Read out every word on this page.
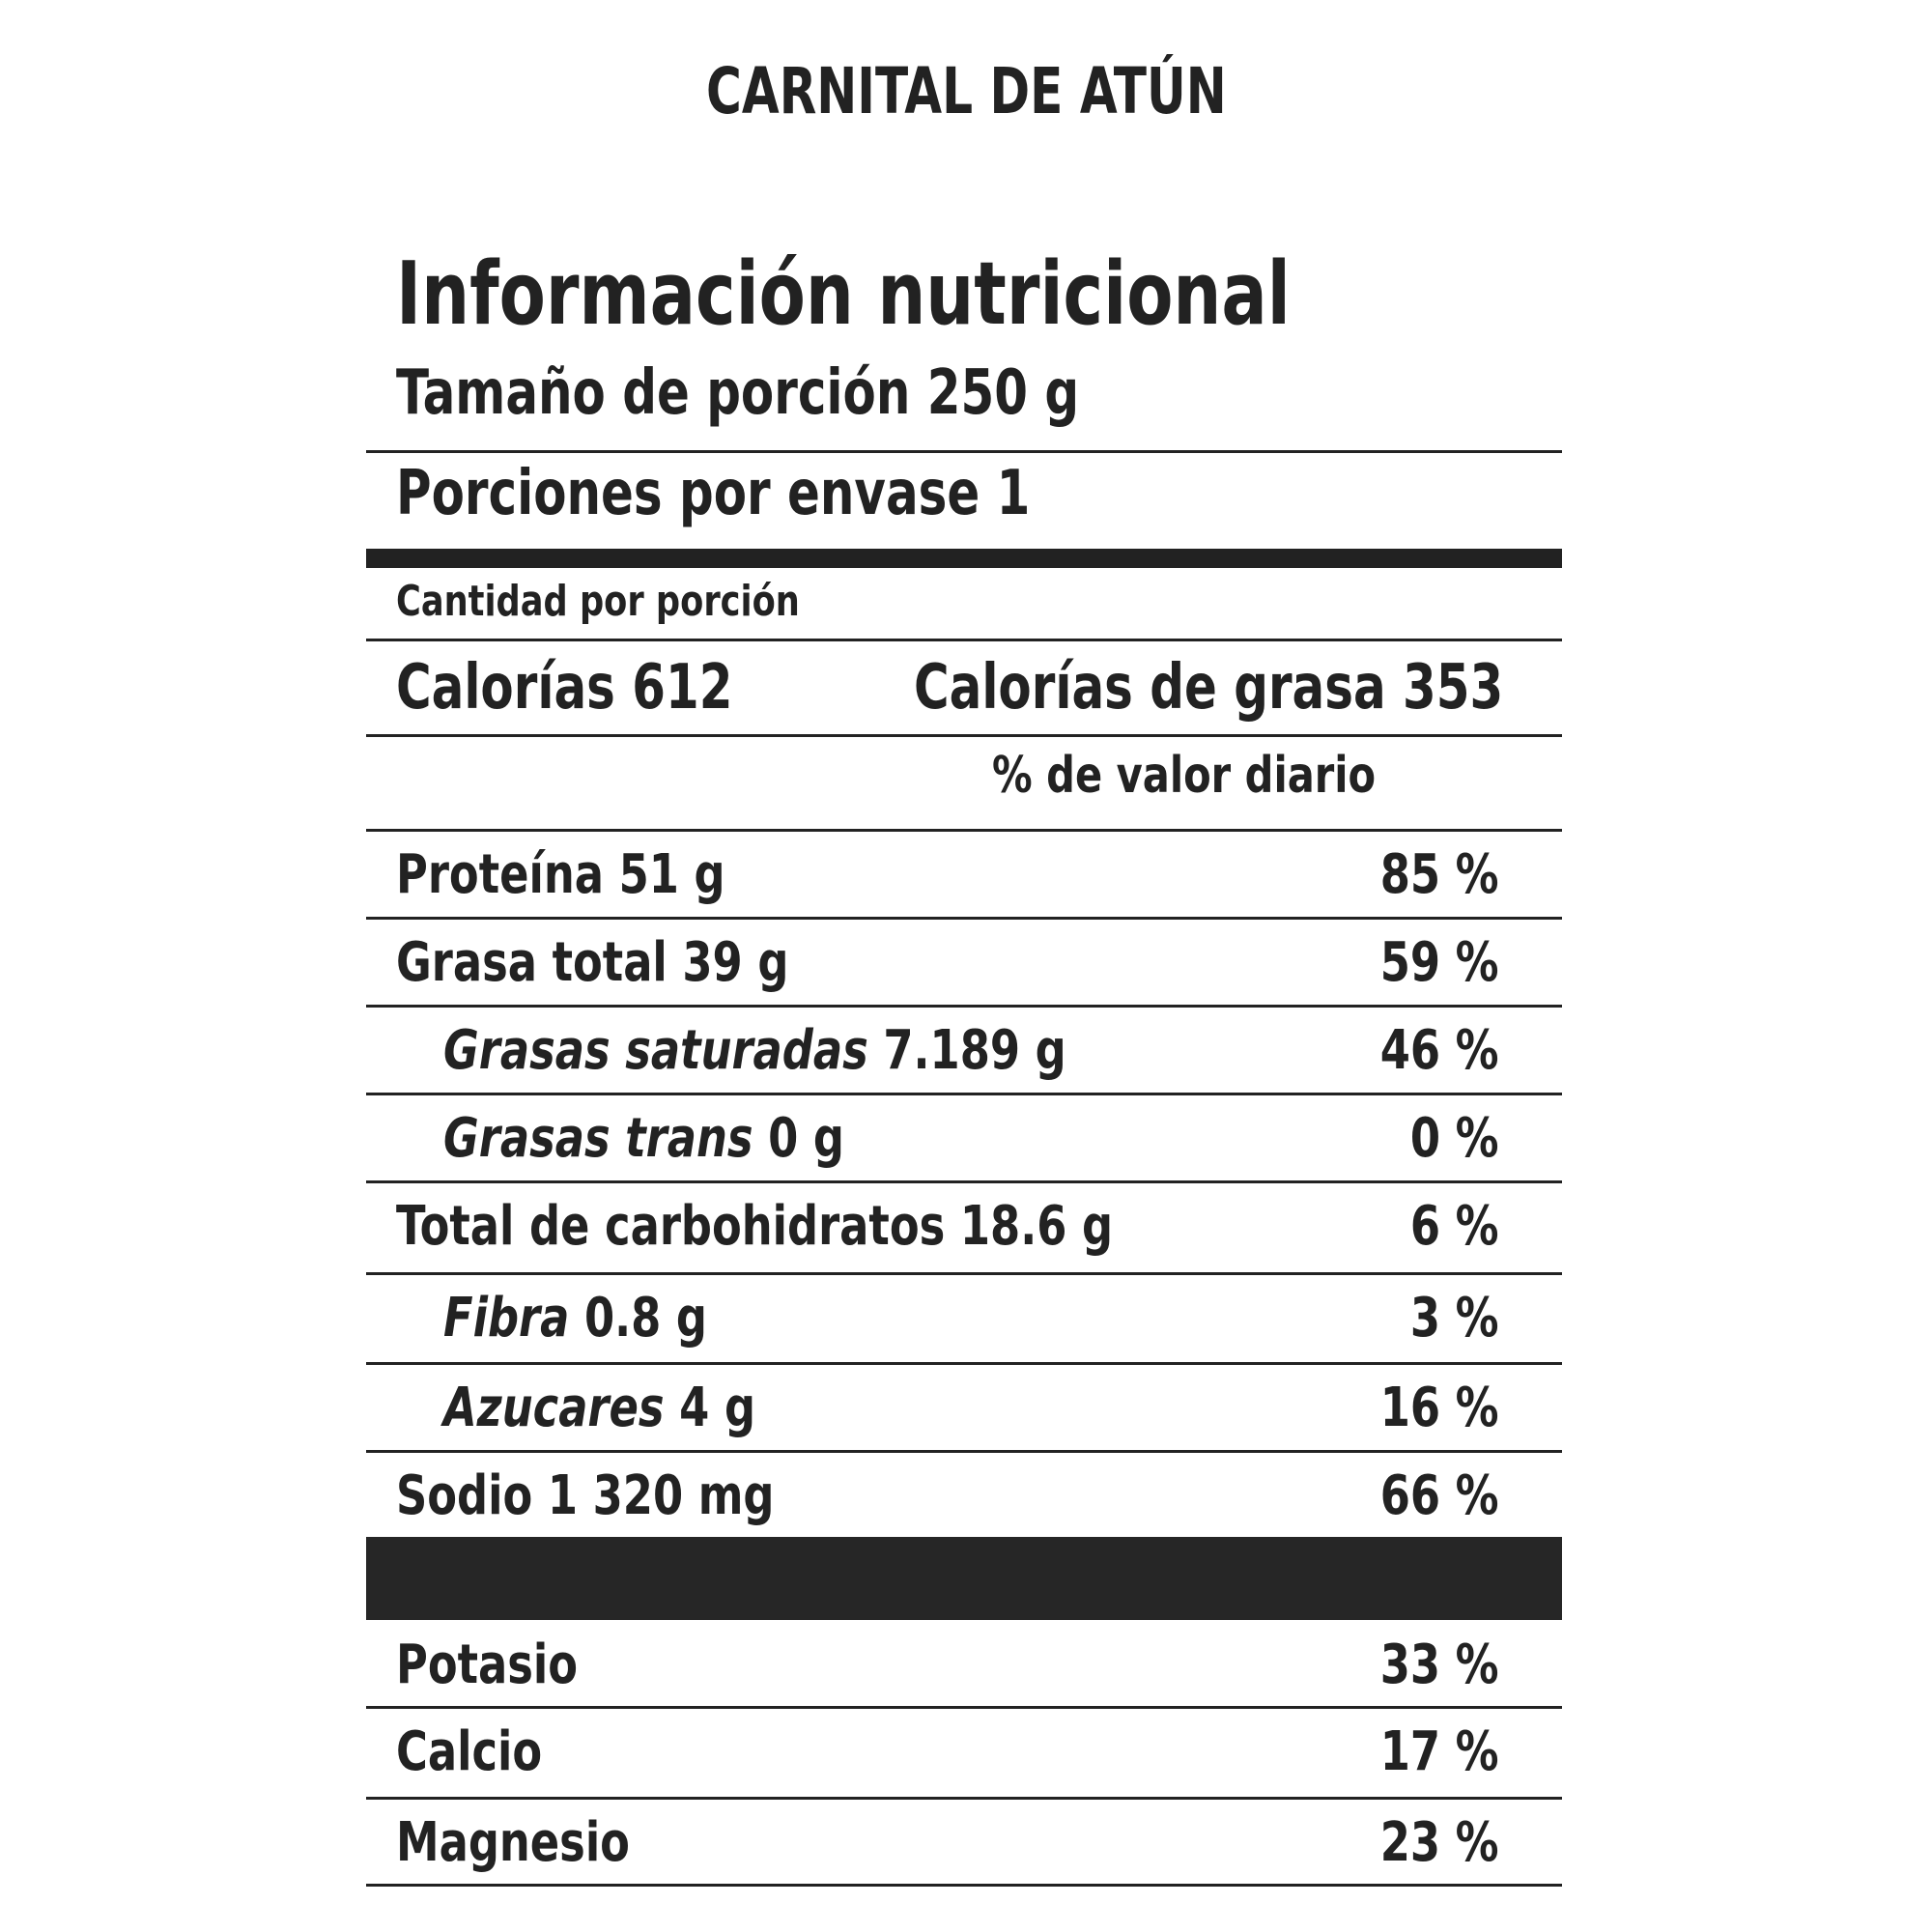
CARNITAL DE ATÚN
Información nutricional
Tamaño de porción 250 g
Porciones por envase 1
Cantidad por porción
Calorías 612	Calorías de grasa 353
% de valor diario
Proteína 51 g	85 %
Grasa total 39 g	59 %
Grasas saturadas 7.189 g	46 %
Grasas trans 0 g	0 %
Total de carbohidratos 18.6 g	6 %
Fibra 0.8 g	3 %
Azucares 4 g	16 %
Sodio 1 320 mg	66 %
Potasio	33 %
Calcio	17 %
Magnesio	23 %
